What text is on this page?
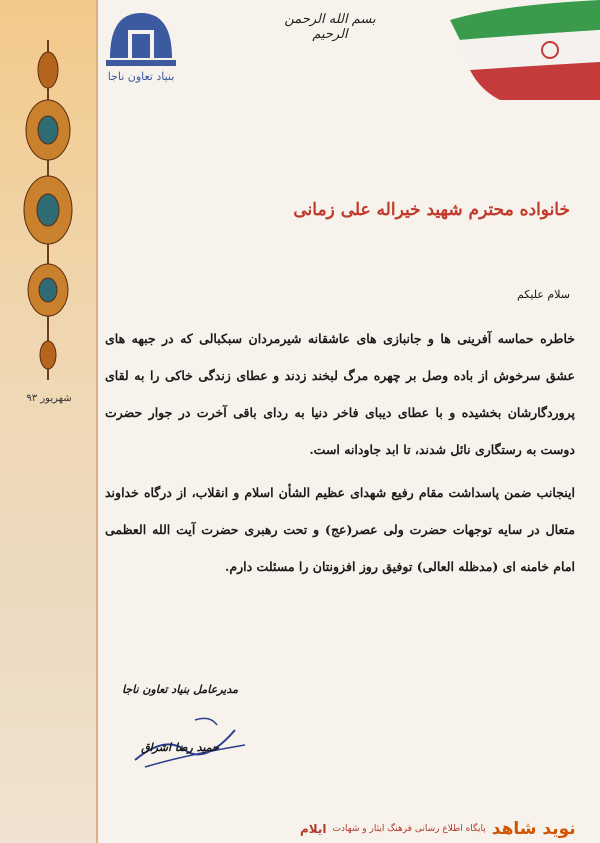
بنیاد تعاون ناجا
بسم الله الرحمن الرحیم
شهریور ۹۳
خانواده محترم شهید خیراله علی زمانی
سلام علیکم
خاطره حماسه آفرینی ها و جانبازی های عاشقانه شیرمردان سبکبالی که در جبهه های عشق سرخوش از باده وصل بر چهره مرگ لبخند زدند و عطای زندگی خاکی را به لقای پروردگارشان بخشیده و با عطای دیبای فاخر دنیا به ردای باقی آخرت در جوار حضرت دوست به رستگاری نائل شدند، تا ابد جاودانه است.
اینجانب ضمن پاسداشت مقام رفیع شهدای عظیم الشأن اسلام و انقلاب، از درگاه خداوند متعال در سایه توجهات حضرت ولی عصر(عج) و تحت رهبری حضرت آیت الله العظمی امام خامنه ای (مدظله العالی) توفیق روز افزونتان را مسئلت دارم.
مدیرعامل بنیاد تعاون ناجا
حمید رضا اشراق
نوید شاهد
پایگاه اطلاع رسانی فرهنگ ایثار و شهادت
ایلام
